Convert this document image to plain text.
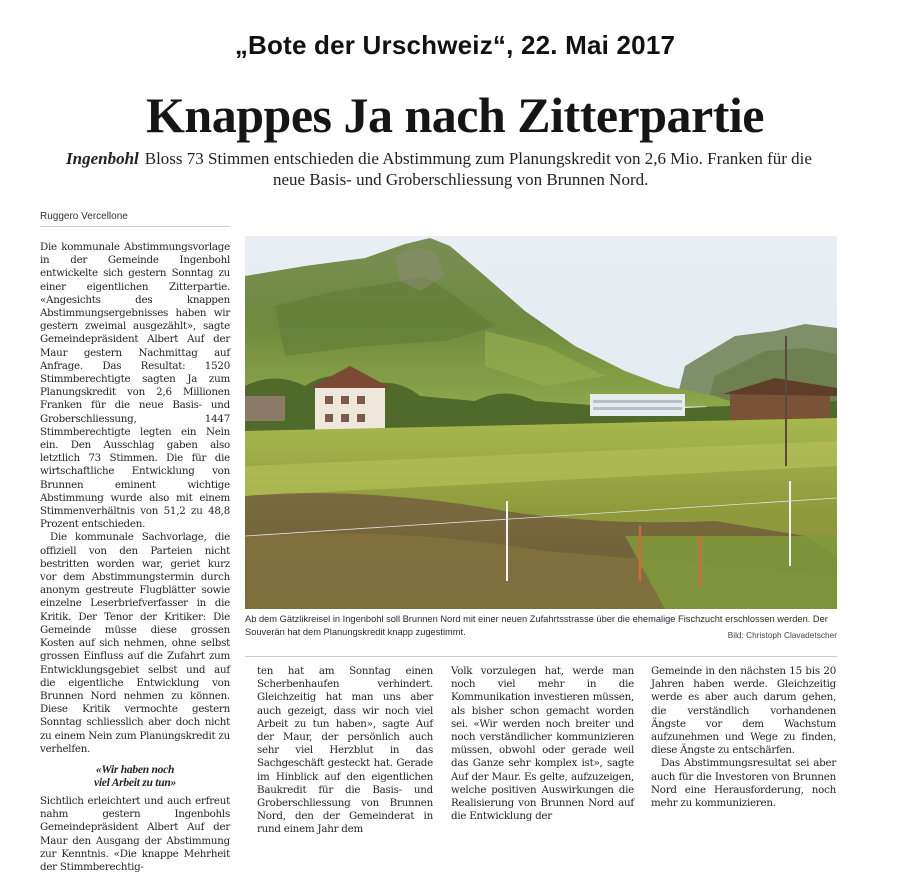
„Bote der Urschweiz“, 22. Mai 2017
Knappes Ja nach Zitterpartie
Ingenbohl Bloss 73 Stimmen entschieden die Abstimmung zum Planungskredit von 2,6 Mio. Franken für die
neue Basis- und Groberschliessung von Brunnen Nord.
Ruggero Vercellone

Die kommunale Abstimmungsvorlage in der Gemeinde Ingenbohl entwickelte sich gestern Sonntag zu einer eigentlichen Zitterpartie. «Angesichts des knappen Abstimmungsergebnisses haben wir gestern zweimal ausgezählt», sagte Gemeindepräsident Albert Auf der Maur gestern Nachmittag auf Anfrage. Das Resultat: 1520 Stimmberechtigte sagten Ja zum Planungskredit von 2,6 Millionen Franken für die neue Basis- und Groberschliessung, 1447 Stimmberechtigte legten ein Nein ein. Den Ausschlag gaben also letztlich 73 Stimmen. Die für die wirtschaftliche Entwicklung von Brunnen eminent wichtige Abstimmung wurde also mit einem Stimmenverhältnis von 51,2 zu 48,8 Prozent entschieden.

Die kommunale Sachvorlage, die offiziell von den Parteien nicht bestritten worden war, geriet kurz vor dem Abstimmungstermin durch anonym gestreute Flugblätter sowie einzelne Leserbriefverfasser in die Kritik. Der Tenor der Kritiker: Die Gemeinde müsse diese grossen Kosten auf sich nehmen, ohne selbst grossen Einfluss auf die Zufahrt zum Entwicklungsgebiet selbst und auf die eigentliche Entwicklung von Brunnen Nord nehmen zu können. Diese Kritik vermochte gestern Sonntag schliesslich aber doch nicht zu einem Nein zum Planungskredit zu verhelfen.

«Wir haben noch
viel Arbeit zu tun»

Sichtlich erleichtert und auch erfreut nahm gestern Ingenbohls Gemeindepräsident Albert Auf der Maur den Ausgang der Abstimmung zur Kenntnis. «Die knappe Mehrheit der Stimmberechtig-

Ab dem Gätzlikreisel in Ingenbohl soll Brunnen Nord mit einer neuen Zufahrtsstrasse über die ehemalige Fischzucht erschlossen werden. Der Souverän hat dem Planungskredit knapp zugestimmt.	Bild: Christoph Clavadetscher

ten hat am Sonntag einen Scherbenhaufen verhindert. Gleichzeitig hat man uns aber auch gezeigt, dass wir noch viel Arbeit zu tun haben», sagte Auf der Maur, der persönlich auch sehr viel Herzblut in das Sachgeschäft gesteckt hat. Gerade im Hinblick auf den eigentlichen Baukredit für die Basis- und Groberschliessung von Brunnen Nord, den der Gemeinderat in rund einem Jahr dem

Volk vorzulegen hat, werde man noch viel mehr in die Kommunikation investieren müssen, als bisher schon gemacht worden sei. «Wir werden noch breiter und noch verständlicher kommunizieren müssen, obwohl oder gerade weil das Ganze sehr komplex ist», sagte Auf der Maur. Es gelte, aufzuzeigen, welche positiven Auswirkungen die Realisierung von Brunnen Nord auf die Entwicklung der

Gemeinde in den nächsten 15 bis 20 Jahren haben werde. Gleichzeitig werde es aber auch darum gehen, die verständlich vorhandenen Ängste vor dem Wachstum aufzunehmen und Wege zu finden, diese Ängste zu entschärfen.

Das Abstimmungsresultat sei aber auch für die Investoren von Brunnen Nord eine Herausforderung, noch mehr zu kommunizieren.
